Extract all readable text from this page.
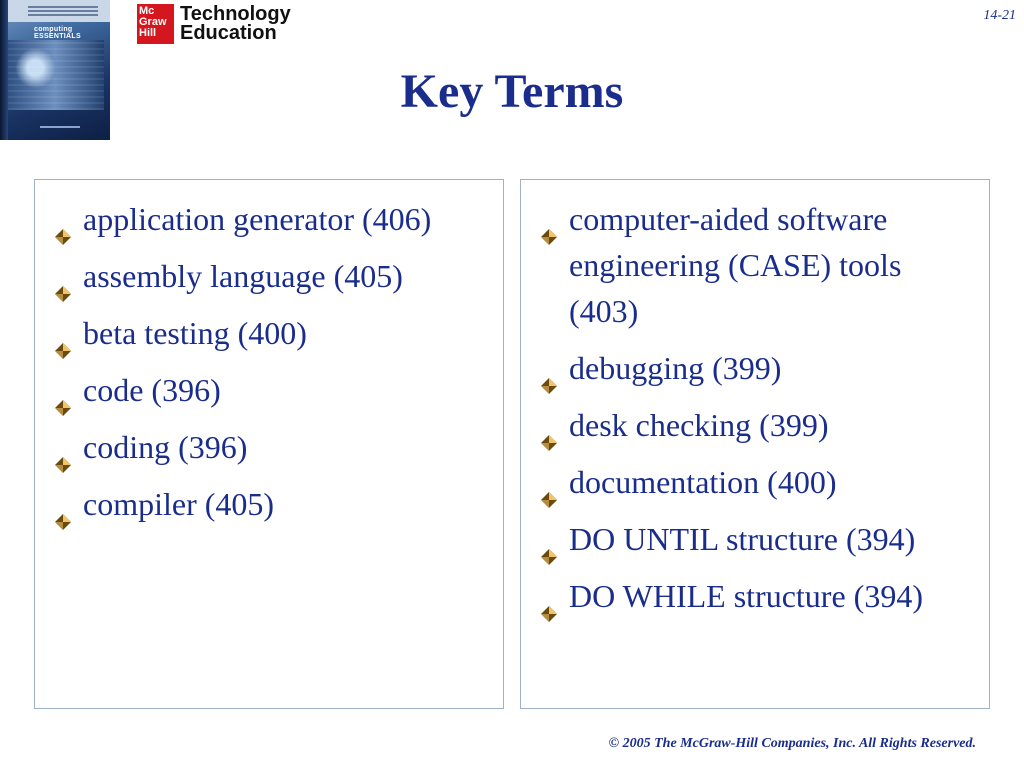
computing ESSENTIALS
Mc
Graw
Hill
Technology
Education
14-21
Key Terms
application generator (406)
assembly language (405)
beta testing (400)
code (396)
coding (396)
compiler (405)
computer-aided software engineering (CASE) tools (403)
debugging (399)
desk checking (399)
documentation (400)
DO UNTIL structure (394)
DO WHILE structure (394)
© 2005 The McGraw-Hill Companies, Inc. All Rights Reserved.
